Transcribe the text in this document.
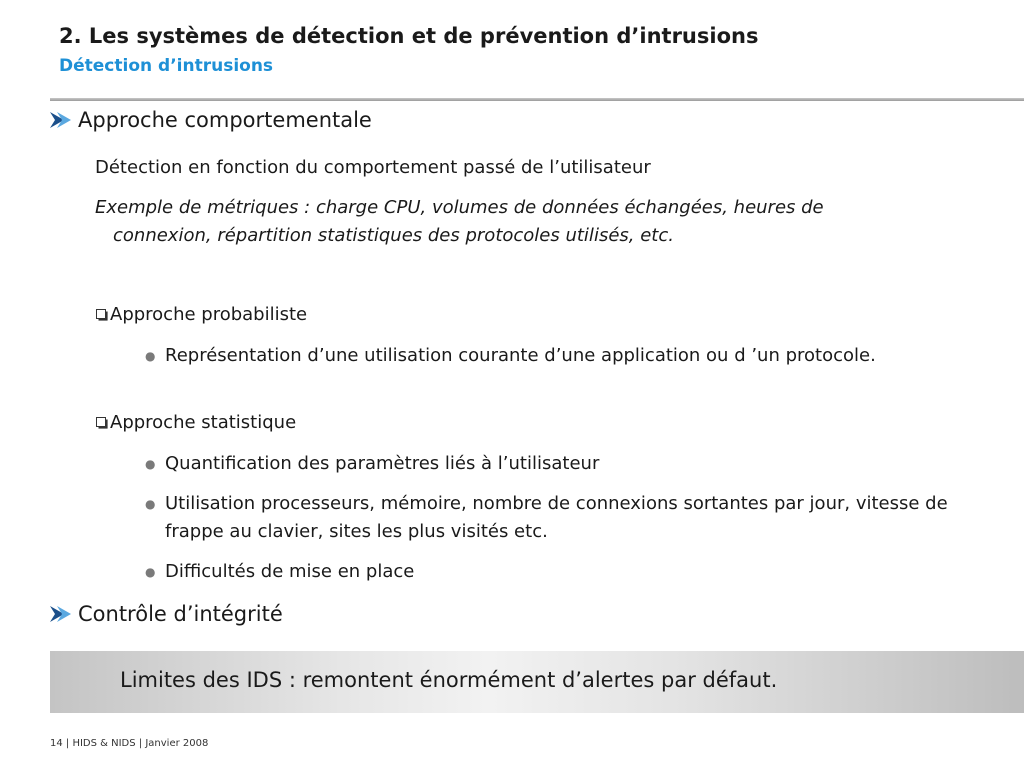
2. Les systèmes de détection et de prévention d’intrusions
Détection d’intrusions
Approche comportementale
Détection en fonction du comportement passé de l’utilisateur
Exemple de métriques : charge CPU, volumes de données échangées, heures de
connexion, répartition statistiques des protocoles utilisés, etc.
Approche probabiliste
● Représentation d’une utilisation courante d’une application ou d ’un protocole.
Approche statistique
● Quantification des paramètres liés à l’utilisateur
● Utilisation processeurs, mémoire, nombre de connexions sortantes par jour, vitesse de frappe au clavier, sites les plus visités etc.
● Difficultés de mise en place
Contrôle d’intégrité
Limites des IDS : remontent énormément d’alertes par défaut.
14 | HIDS & NIDS | Janvier 2008
